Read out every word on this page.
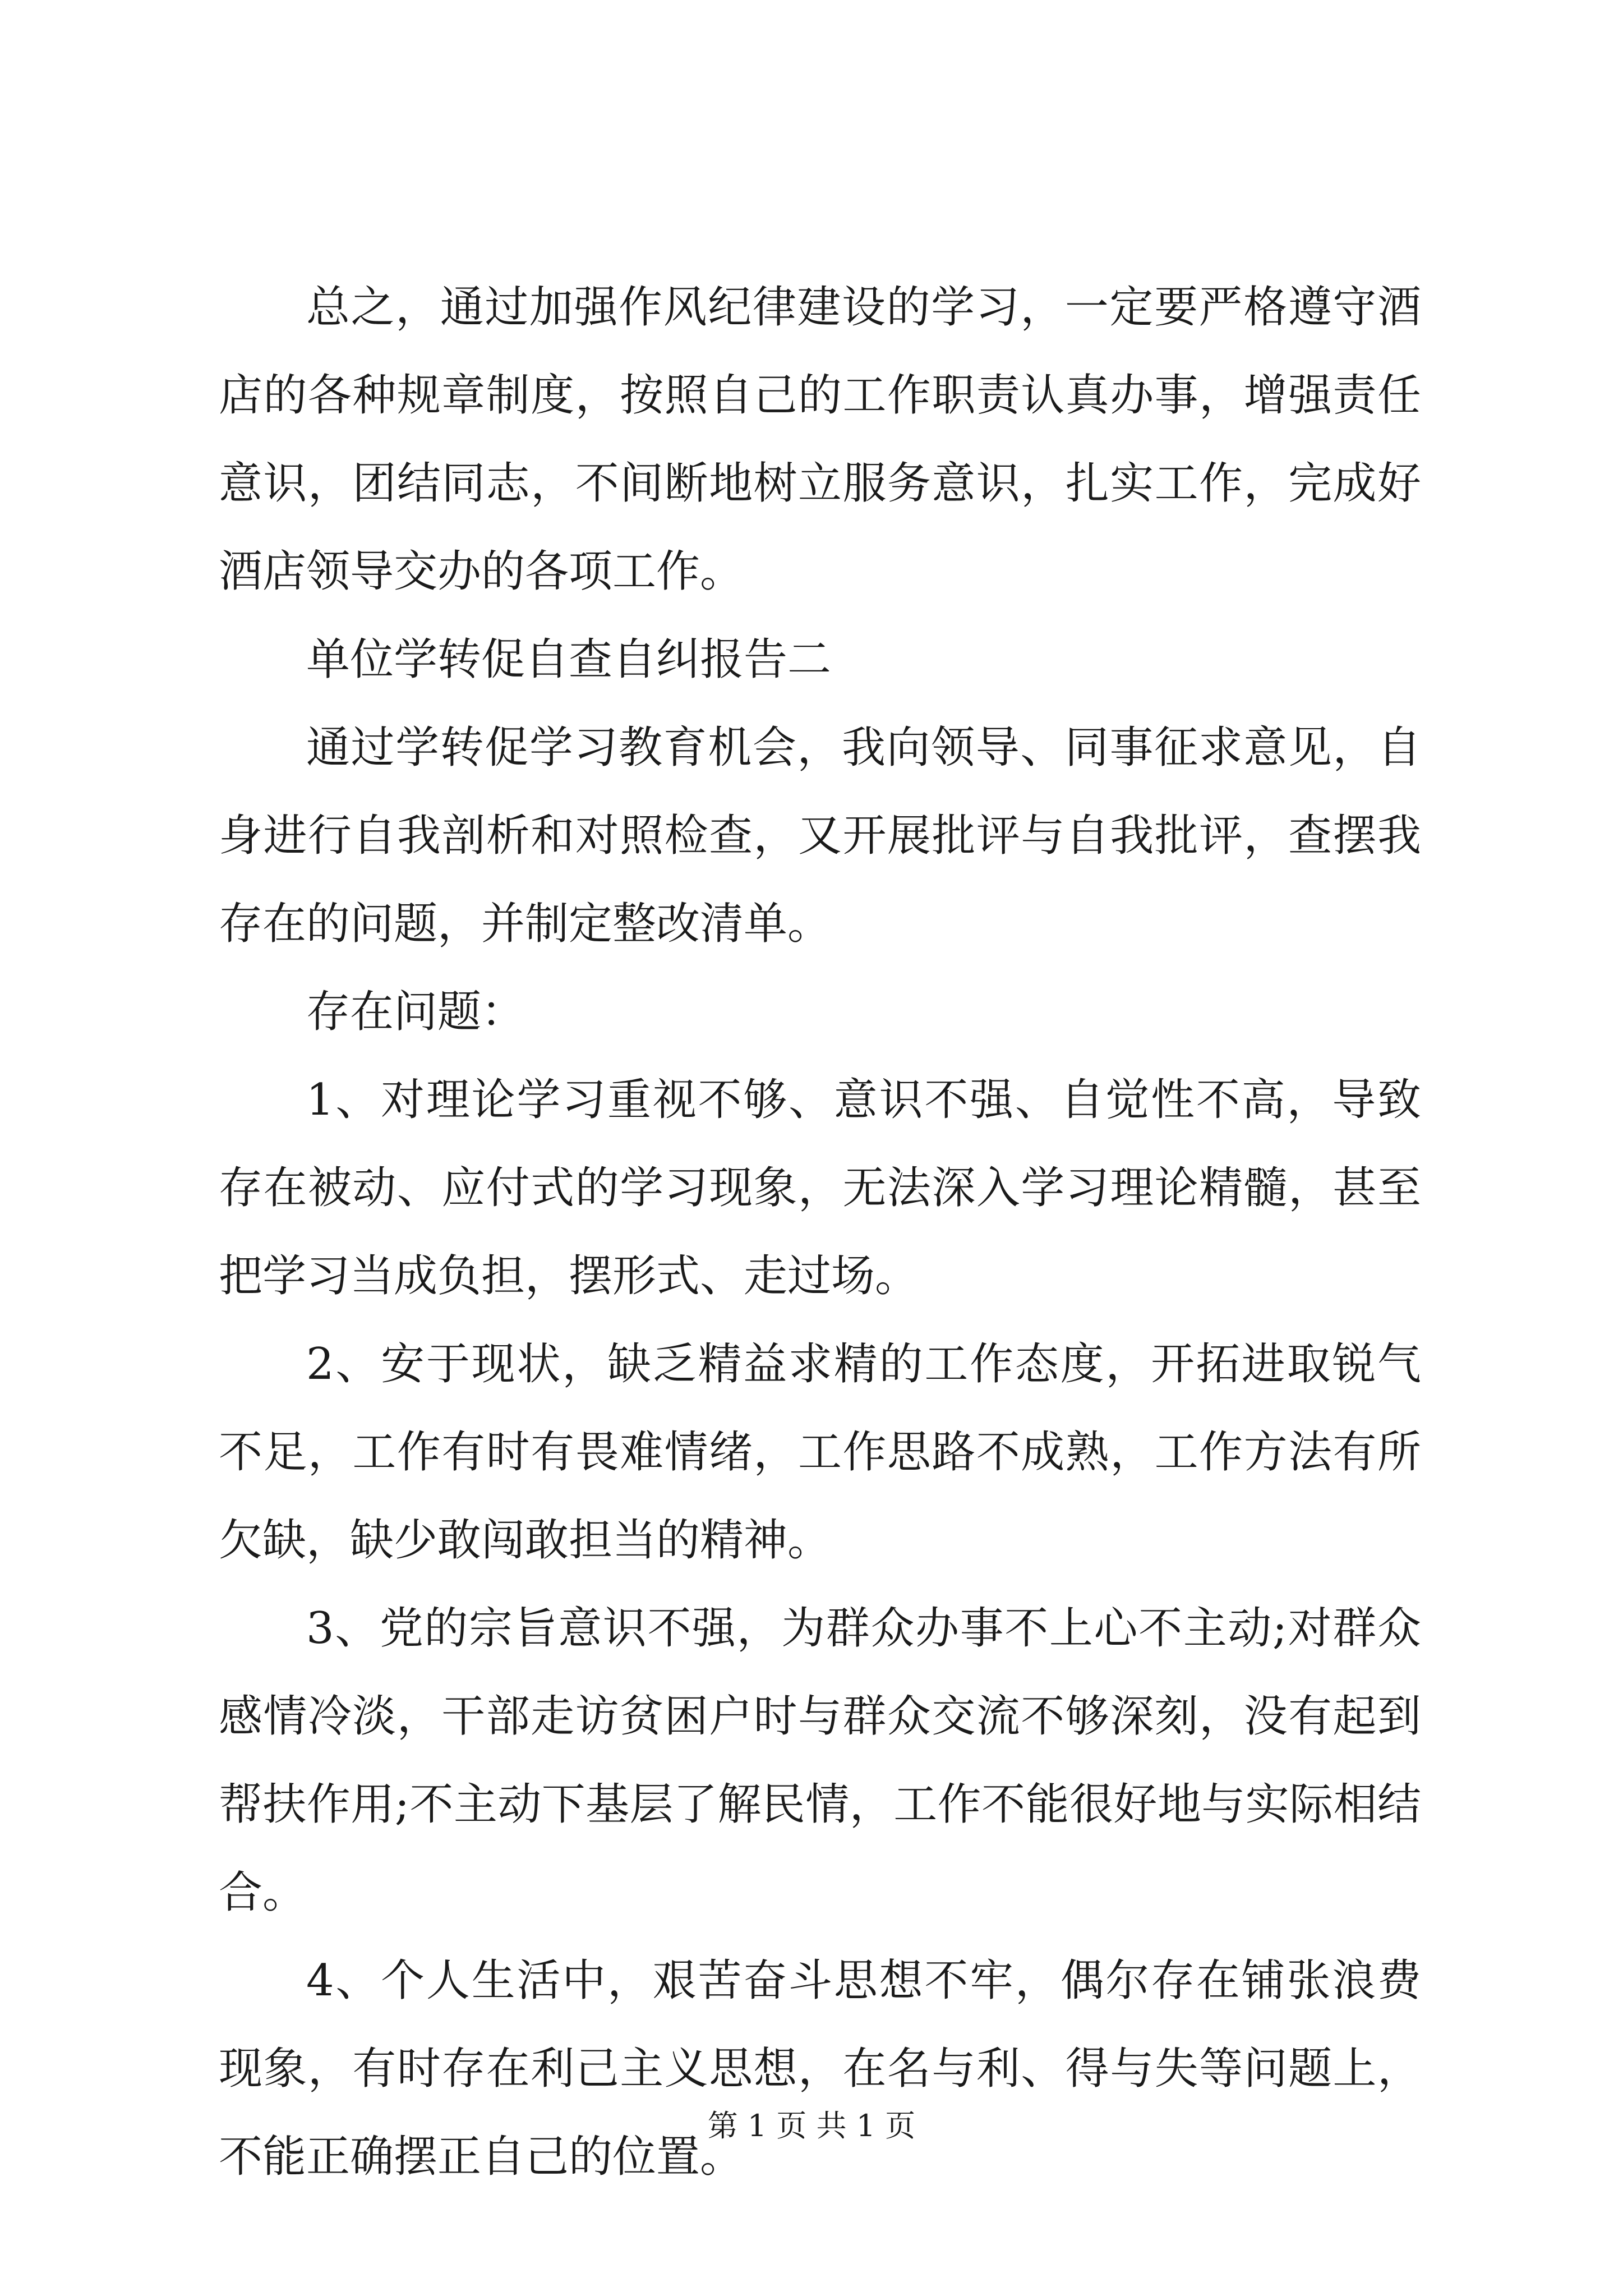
总之，通过加强作风纪律建设的学习，一定要严格遵守酒店的各种规章制度，按照自己的工作职责认真办事，增强责任意识，团结同志，不间断地树立服务意识，扎实工作，完成好酒店领导交办的各项工作。

单位学转促自查自纠报告二

通过学转促学习教育机会，我向领导、同事征求意见，自身进行自我剖析和对照检查，又开展批评与自我批评，查摆我存在的问题，并制定整改清单。

存在问题：

1、对理论学习重视不够、意识不强、自觉性不高，导致存在被动、应付式的学习现象，无法深入学习理论精髓，甚至把学习当成负担，摆形式、走过场。

2、安于现状，缺乏精益求精的工作态度，开拓进取锐气不足，工作有时有畏难情绪，工作思路不成熟，工作方法有所欠缺，缺少敢闯敢担当的精神。

3、党的宗旨意识不强，为群众办事不上心不主动;对群众感情冷淡，干部走访贫困户时与群众交流不够深刻，没有起到帮扶作用;不主动下基层了解民情，工作不能很好地与实际相结合。

4、个人生活中，艰苦奋斗思想不牢，偶尔存在铺张浪费现象，有时存在利己主义思想，在名与利、得与失等问题上，不能正确摆正自己的位置。

第 1 页 共 1 页
